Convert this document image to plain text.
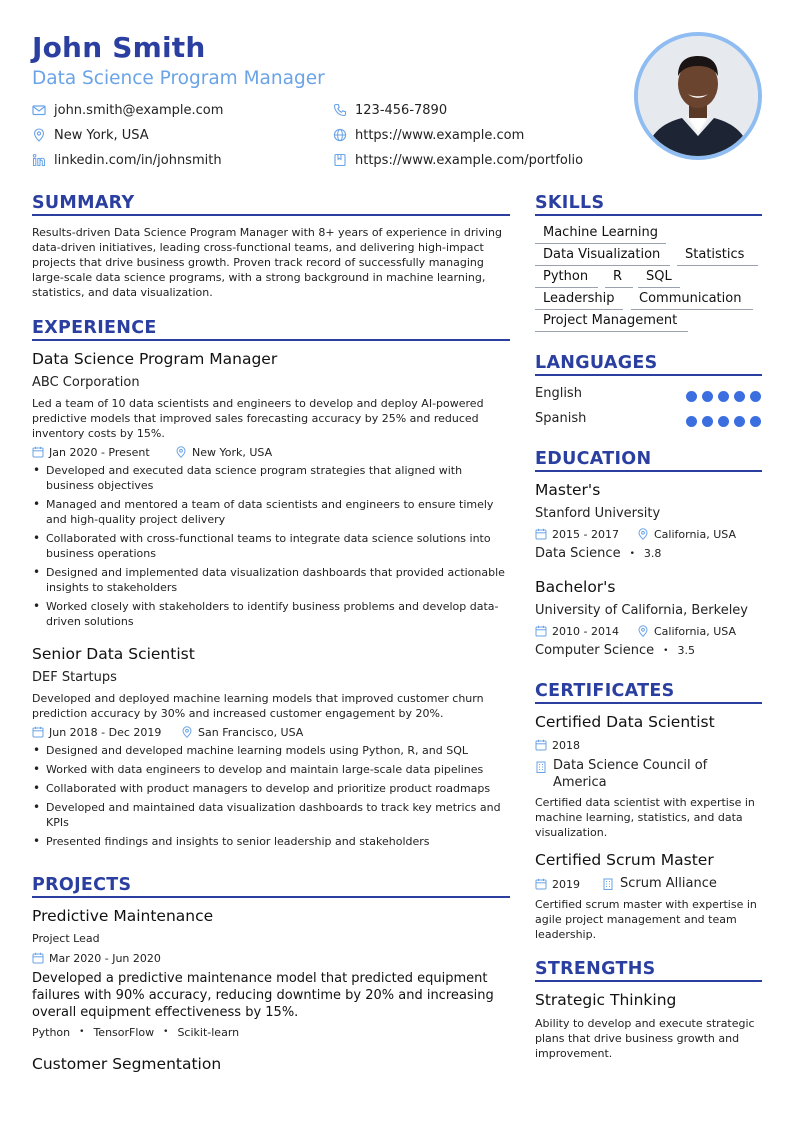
John Smith
Data Science Program Manager
john.smith@example.com	123-456-7890
New York, USA	https://www.example.com
linkedin.com/in/johnsmith	https://www.example.com/portfolio
SUMMARY
Results-driven Data Science Program Manager with 8+ years of experience in driving data-driven initiatives, leading cross-functional teams, and delivering high-impact projects that drive business growth. Proven track record of successfully managing large-scale data science programs, with a strong background in machine learning, statistics, and data visualization.
EXPERIENCE
Data Science Program Manager
ABC Corporation
Led a team of 10 data scientists and engineers to develop and deploy AI-powered predictive models that improved sales forecasting accuracy by 25% and reduced inventory costs by 15%.
Jan 2020 - Present	New York, USA
• Developed and executed data science program strategies that aligned with business objectives
• Managed and mentored a team of data scientists and engineers to ensure timely and high-quality project delivery
• Collaborated with cross-functional teams to integrate data science solutions into business operations
• Designed and implemented data visualization dashboards that provided actionable insights to stakeholders
• Worked closely with stakeholders to identify business problems and develop data-driven solutions
Senior Data Scientist
DEF Startups
Developed and deployed machine learning models that improved customer churn prediction accuracy by 30% and increased customer engagement by 20%.
Jun 2018 - Dec 2019	San Francisco, USA
• Designed and developed machine learning models using Python, R, and SQL
• Worked with data engineers to develop and maintain large-scale data pipelines
• Collaborated with product managers to develop and prioritize product roadmaps
• Developed and maintained data visualization dashboards to track key metrics and KPIs
• Presented findings and insights to senior leadership and stakeholders
PROJECTS
Predictive Maintenance
Project Lead
Mar 2020 - Jun 2020
Developed a predictive maintenance model that predicted equipment failures with 90% accuracy, reducing downtime by 20% and increasing overall equipment effectiveness by 15%.
Python • TensorFlow • Scikit-learn
Customer Segmentation
SKILLS
Machine Learning
Data Visualization	Statistics
Python	R	SQL
Leadership	Communication
Project Management
LANGUAGES
English
Spanish
EDUCATION
Master's
Stanford University
2015 - 2017	California, USA
Data Science • 3.8
Bachelor's
University of California, Berkeley
2010 - 2014	California, USA
Computer Science • 3.5
CERTIFICATES
Certified Data Scientist
2018
Data Science Council of America
Certified data scientist with expertise in machine learning, statistics, and data visualization.
Certified Scrum Master
2019	Scrum Alliance
Certified scrum master with expertise in agile project management and team leadership.
STRENGTHS
Strategic Thinking
Ability to develop and execute strategic plans that drive business growth and improvement.
